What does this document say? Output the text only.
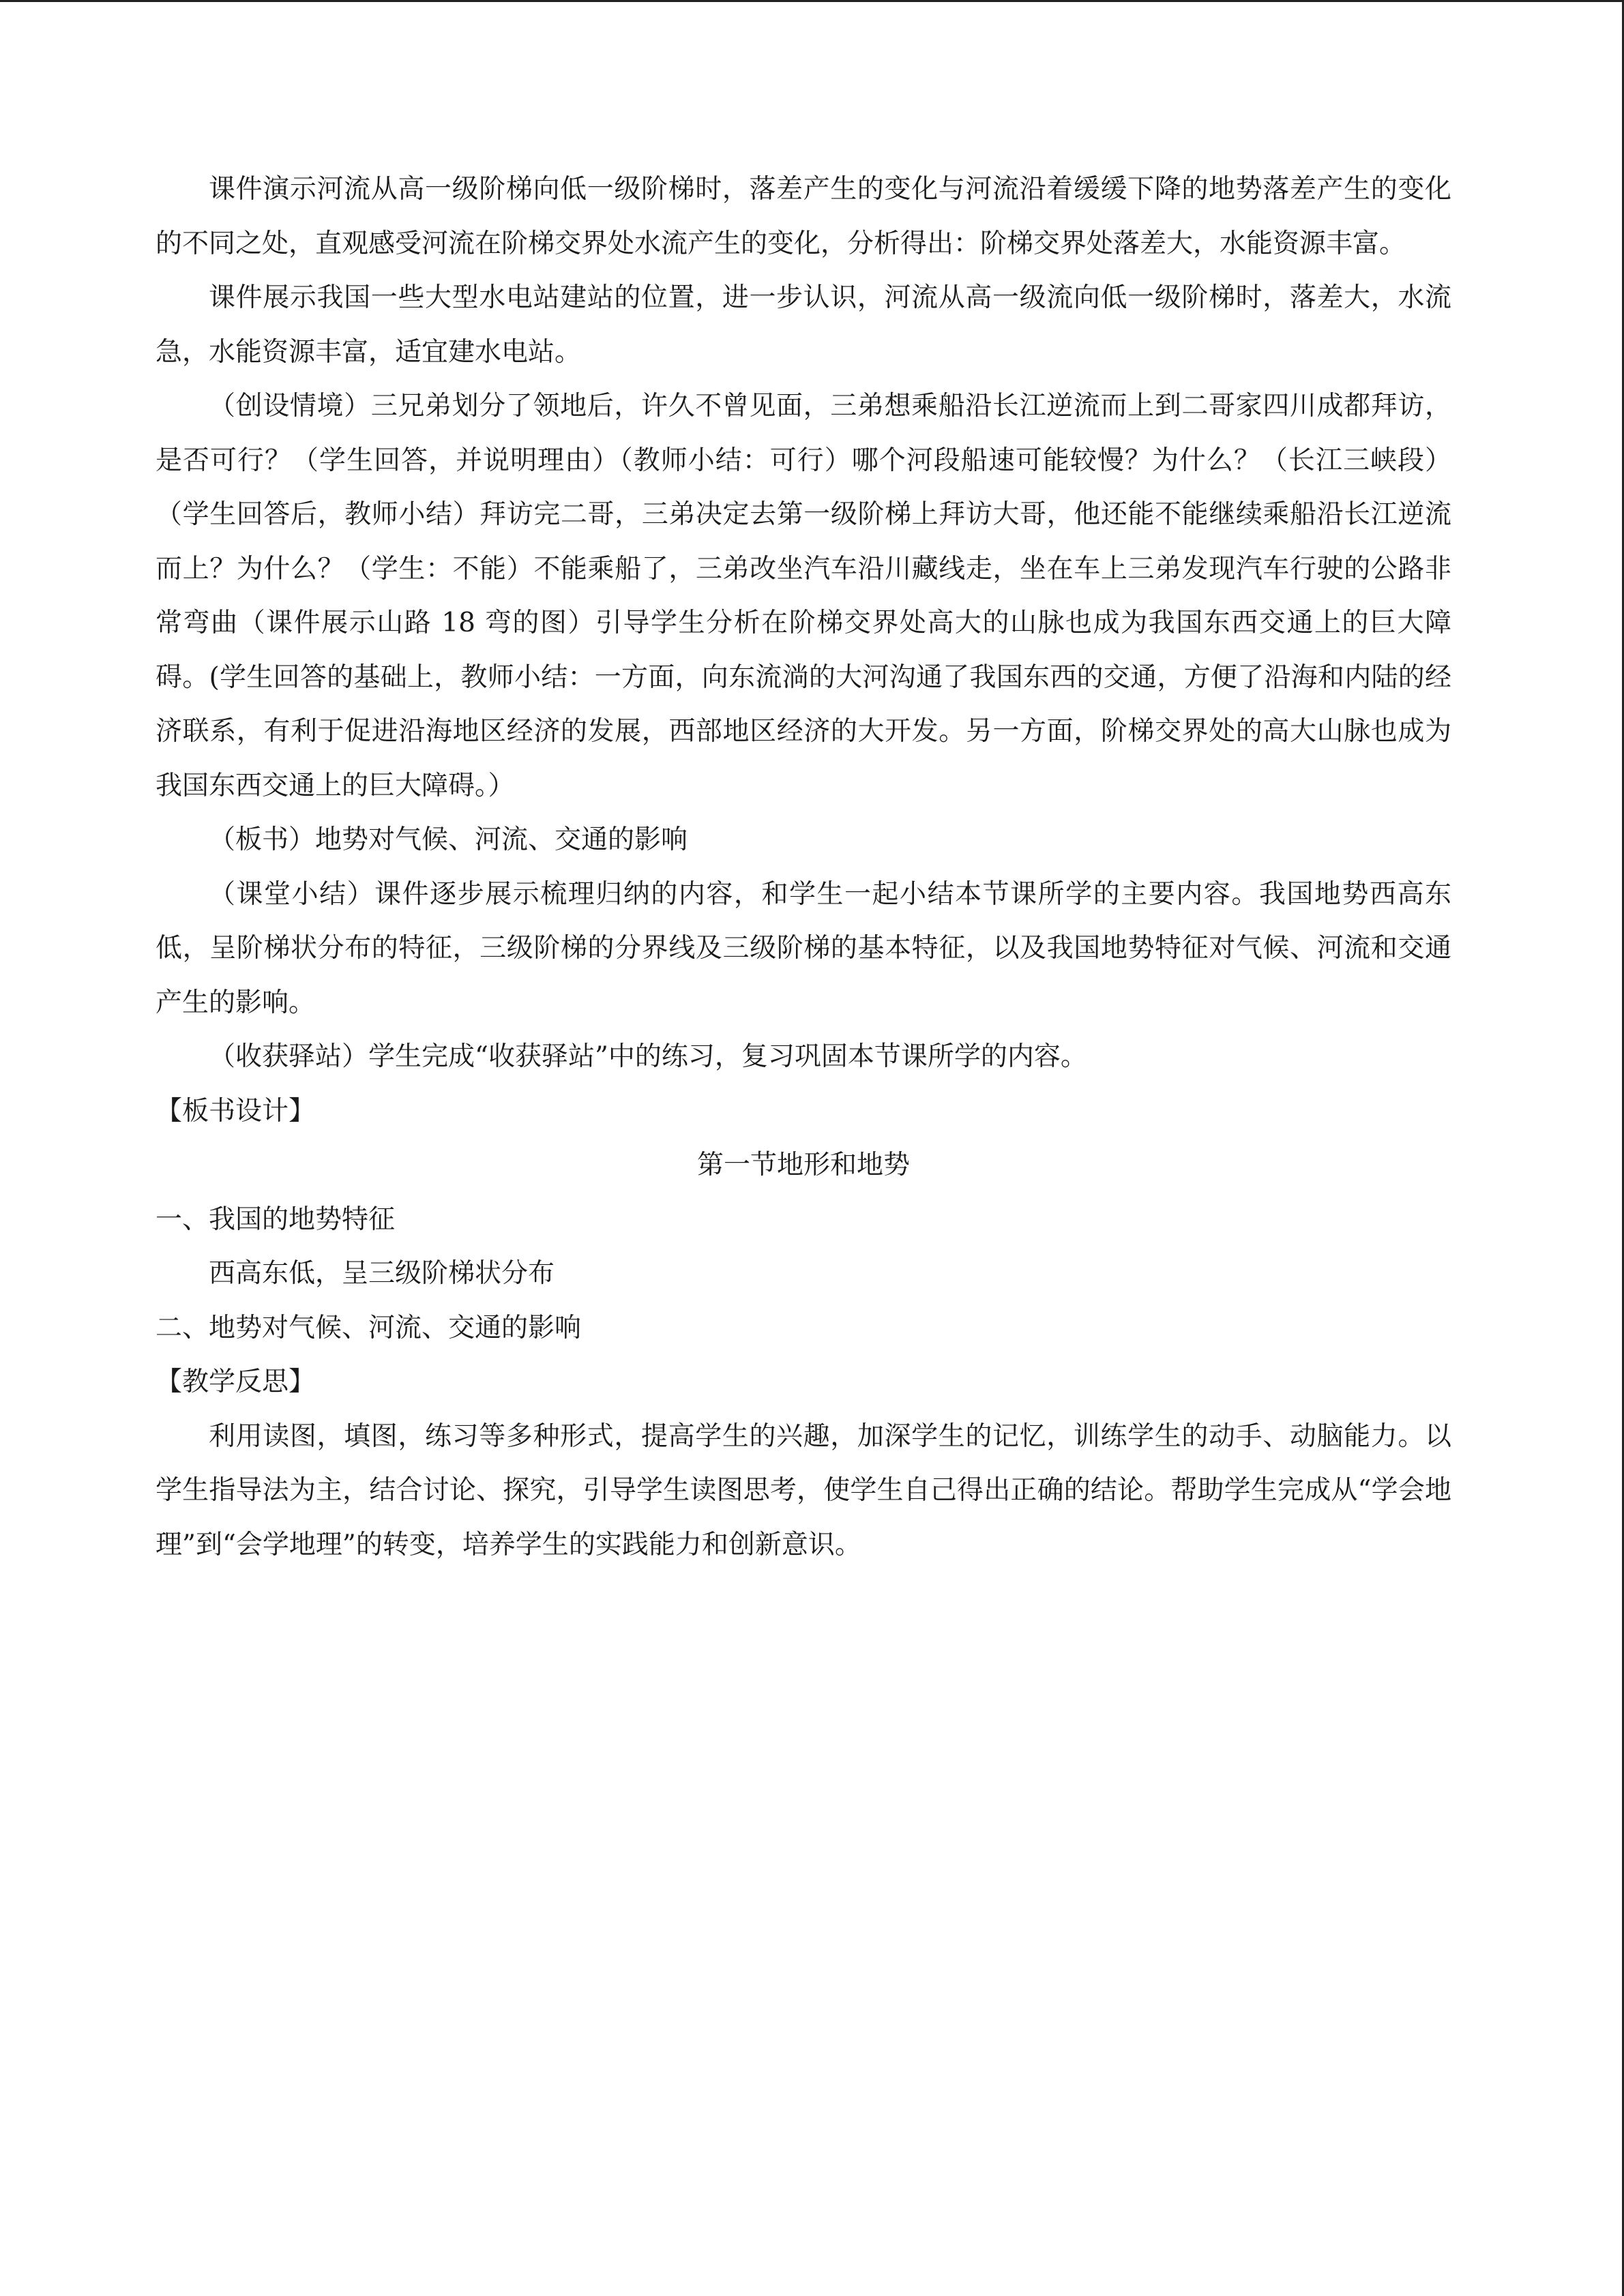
课件演示河流从高一级阶梯向低一级阶梯时，落差产生的变化与河流沿着缓缓下降的地势落差产生的变化的不同之处，直观感受河流在阶梯交界处水流产生的变化，分析得出：阶梯交界处落差大，水能资源丰富。

课件展示我国一些大型水电站建站的位置，进一步认识，河流从高一级流向低一级阶梯时，落差大，水流急，水能资源丰富，适宜建水电站。

（创设情境）三兄弟划分了领地后，许久不曾见面，三弟想乘船沿长江逆流而上到二哥家四川成都拜访，是否可行？（学生回答，并说明理由）（教师小结：可行）哪个河段船速可能较慢？为什么？（长江三峡段）（学生回答后，教师小结）拜访完二哥，三弟决定去第一级阶梯上拜访大哥，他还能不能继续乘船沿长江逆流而上？为什么？（学生：不能）不能乘船了，三弟改坐汽车沿川藏线走，坐在车上三弟发现汽车行驶的公路非常弯曲（课件展示山路 18 弯的图）引导学生分析在阶梯交界处高大的山脉也成为我国东西交通上的巨大障碍。(学生回答的基础上，教师小结：一方面，向东流淌的大河沟通了我国东西的交通，方便了沿海和内陆的经济联系，有利于促进沿海地区经济的发展，西部地区经济的大开发。另一方面，阶梯交界处的高大山脉也成为我国东西交通上的巨大障碍。）

（板书）地势对气候、河流、交通的影响

（课堂小结）课件逐步展示梳理归纳的内容，和学生一起小结本节课所学的主要内容。我国地势西高东低，呈阶梯状分布的特征，三级阶梯的分界线及三级阶梯的基本特征，以及我国地势特征对气候、河流和交通产生的影响。

（收获驿站）学生完成“收获驿站”中的练习，复习巩固本节课所学的内容。

【板书设计】

第一节地形和地势

一、我国的地势特征

西高东低，呈三级阶梯状分布

二、地势对气候、河流、交通的影响

【教学反思】

利用读图，填图，练习等多种形式，提高学生的兴趣，加深学生的记忆，训练学生的动手、动脑能力。以学生指导法为主，结合讨论、探究，引导学生读图思考，使学生自己得出正确的结论。帮助学生完成从“学会地理”到“会学地理”的转变，培养学生的实践能力和创新意识。
